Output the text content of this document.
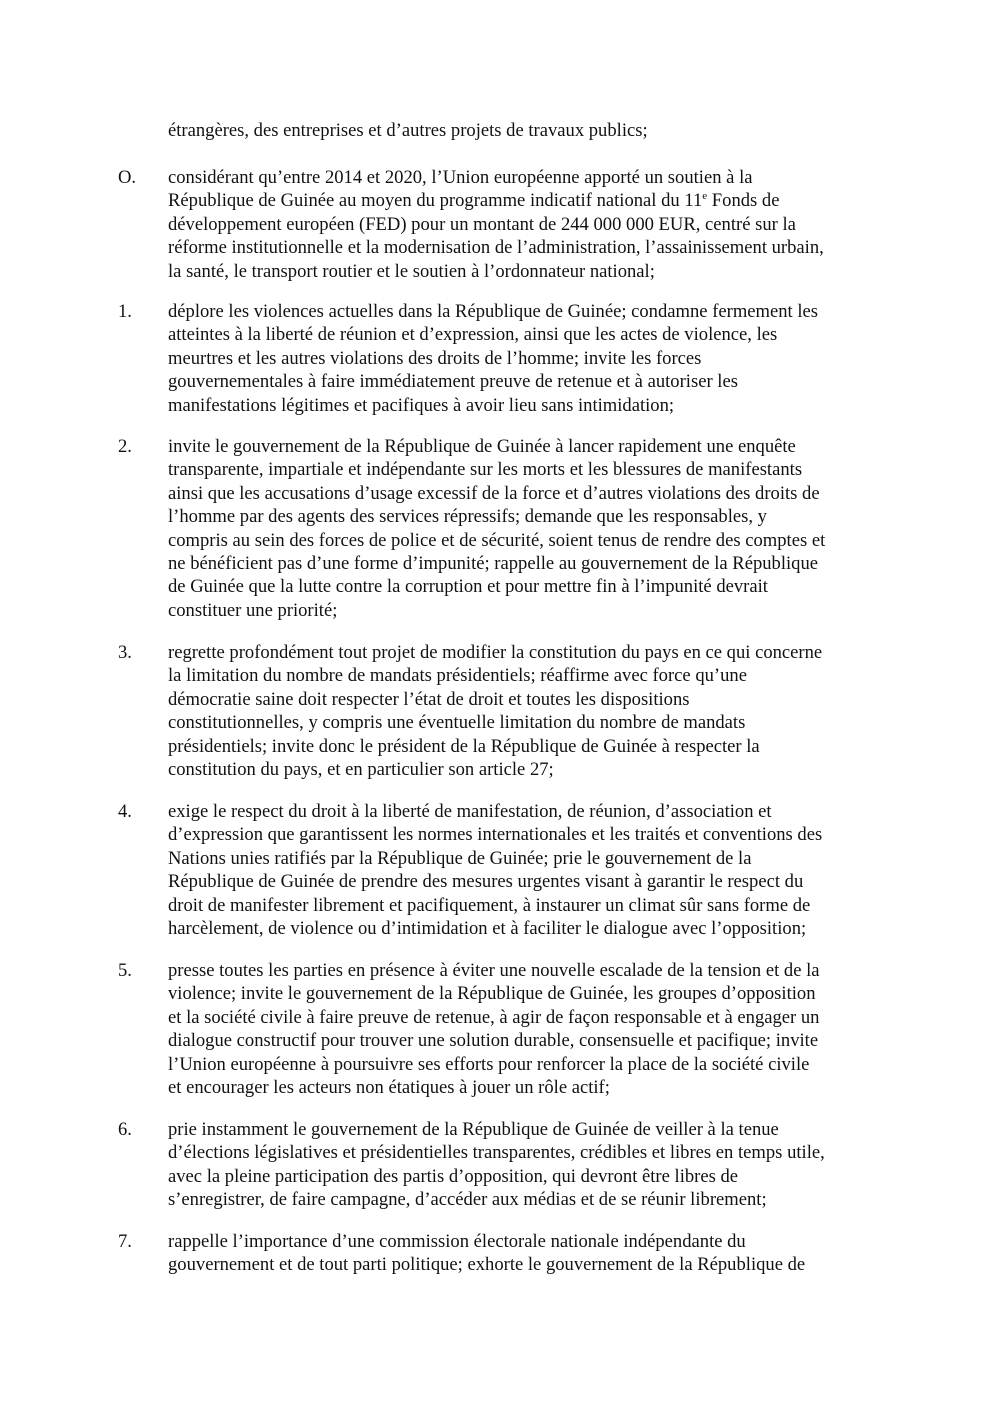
étrangères, des entreprises et d’autres projets de travaux publics;

O.	considérant qu’entre 2014 et 2020, l’Union européenne apporté un soutien à la
République de Guinée au moyen du programme indicatif national du 11e Fonds de
développement européen (FED) pour un montant de 244 000 000 EUR, centré sur la
réforme institutionnelle et la modernisation de l’administration, l’assainissement urbain,
la santé, le transport routier et le soutien à l’ordonnateur national;
1.	déplore les violences actuelles dans la République de Guinée; condamne fermement les
atteintes à la liberté de réunion et d’expression, ainsi que les actes de violence, les
meurtres et les autres violations des droits de l’homme; invite les forces
gouvernementales à faire immédiatement preuve de retenue et à autoriser les
manifestations légitimes et pacifiques à avoir lieu sans intimidation;
2.	invite le gouvernement de la République de Guinée à lancer rapidement une enquête
transparente, impartiale et indépendante sur les morts et les blessures de manifestants
ainsi que les accusations d’usage excessif de la force et d’autres violations des droits de
l’homme par des agents des services répressifs; demande que les responsables, y
compris au sein des forces de police et de sécurité, soient tenus de rendre des comptes et
ne bénéficient pas d’une forme d’impunité; rappelle au gouvernement de la République
de Guinée que la lutte contre la corruption et pour mettre fin à l’impunité devrait
constituer une priorité;
3.	regrette profondément tout projet de modifier la constitution du pays en ce qui concerne
la limitation du nombre de mandats présidentiels; réaffirme avec force qu’une
démocratie saine doit respecter l’état de droit et toutes les dispositions
constitutionnelles, y compris une éventuelle limitation du nombre de mandats
présidentiels; invite donc le président de la République de Guinée à respecter la
constitution du pays, et en particulier son article 27;
4.	exige le respect du droit à la liberté de manifestation, de réunion, d’association et
d’expression que garantissent les normes internationales et les traités et conventions des
Nations unies ratifiés par la République de Guinée; prie le gouvernement de la
République de Guinée de prendre des mesures urgentes visant à garantir le respect du
droit de manifester librement et pacifiquement, à instaurer un climat sûr sans forme de
harcèlement, de violence ou d’intimidation et à faciliter le dialogue avec l’opposition;
5.	presse toutes les parties en présence à éviter une nouvelle escalade de la tension et de la
violence; invite le gouvernement de la République de Guinée, les groupes d’opposition
et la société civile à faire preuve de retenue, à agir de façon responsable et à engager un
dialogue constructif pour trouver une solution durable, consensuelle et pacifique; invite
l’Union européenne à poursuivre ses efforts pour renforcer la place de la société civile
et encourager les acteurs non étatiques à jouer un rôle actif;
6.	prie instamment le gouvernement de la République de Guinée de veiller à la tenue
d’élections législatives et présidentielles transparentes, crédibles et libres en temps utile,
avec la pleine participation des partis d’opposition, qui devront être libres de
s’enregistrer, de faire campagne, d’accéder aux médias et de se réunir librement;
7.	rappelle l’importance d’une commission électorale nationale indépendante du
gouvernement et de tout parti politique; exhorte le gouvernement de la République de
